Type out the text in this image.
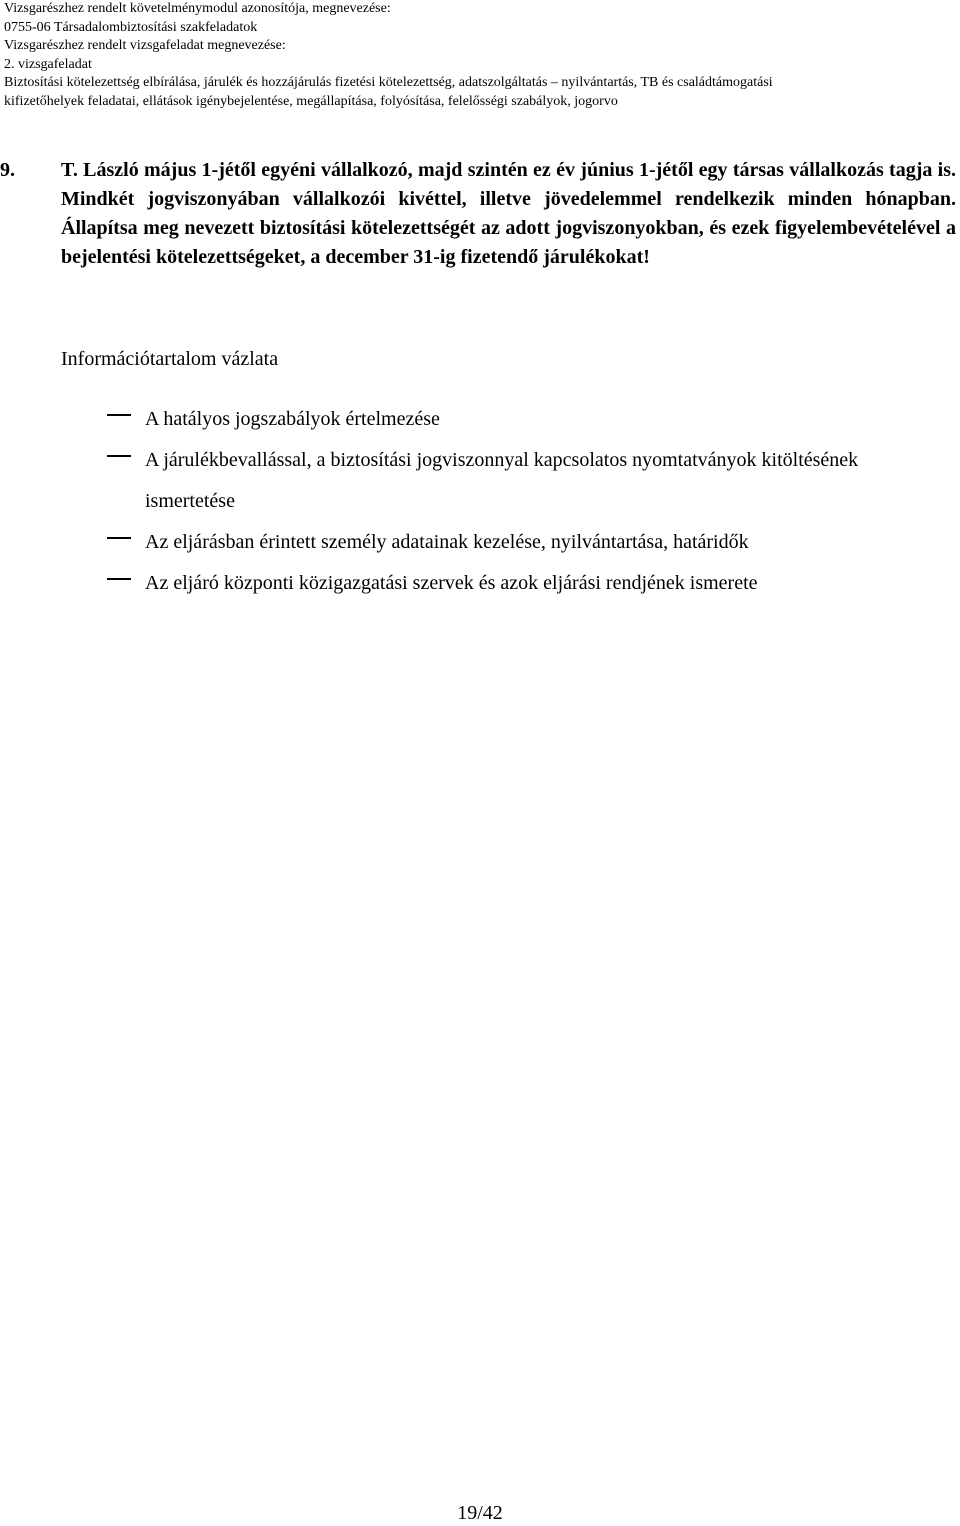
Vizsgarészhez rendelt követelménymodul azonosítója, megnevezése:
0755-06 Társadalombiztosítási szakfeladatok
Vizsgarészhez rendelt vizsgafeladat megnevezése:
2. vizsgafeladat
Biztosítási kötelezettség elbírálása, járulék és hozzájárulás fizetési kötelezettség, adatszolgáltatás – nyilvántartás, TB és családtámogatási
kifizetőhelyek feladatai, ellátások igénybejelentése, megállapítása, folyósítása, felelősségi szabályok, jogorvo
9. T. László május 1-jétől egyéni vállalkozó, majd szintén ez év június 1-jétől egy társas vállalkozás tagja is. Mindkét jogviszonyában vállalkozói kivéttel, illetve jövedelemmel rendelkezik minden hónapban. Állapítsa meg nevezett biztosítási kötelezettségét az adott jogviszonyokban, és ezek figyelembevételével a bejelentési kötelezettségeket, a december 31-ig fizetendő járulékokat!
Információtartalom vázlata
A hatályos jogszabályok értelmezése
A járulékbevallással, a biztosítási jogviszonnyal kapcsolatos nyomtatványok kitöltésének ismertetése
Az eljárásban érintett személy adatainak kezelése, nyilvántartása, határidők
Az eljáró központi közigazgatási szervek és azok eljárási rendjének ismerete
19/42
